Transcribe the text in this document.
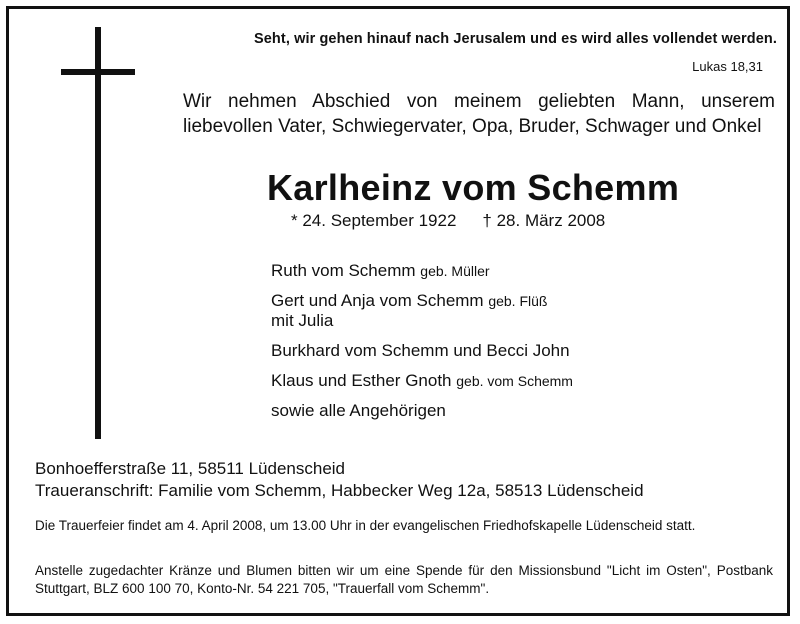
Seht, wir gehen hinauf nach Jerusalem und es wird alles vollendet werden.
Lukas 18,31
Wir nehmen Abschied von meinem geliebten Mann, unserem liebevollen Vater, Schwiegervater, Opa, Bruder, Schwager und Onkel
Karlheinz vom Schemm
* 24. September 1922 † 28. März 2008
Ruth vom Schemm geb. Müller
Gert und Anja vom Schemm geb. Flüß
mit Julia
Burkhard vom Schemm und Becci John
Klaus und Esther Gnoth geb. vom Schemm
sowie alle Angehörigen
Bonhoefferstraße 11, 58511 Lüdenscheid
Traueranschrift: Familie vom Schemm, Habbecker Weg 12a, 58513 Lüdenscheid
Die Trauerfeier findet am 4. April 2008, um 13.00 Uhr in der evangelischen Friedhofskapelle Lüdenscheid statt.
Anstelle zugedachter Kränze und Blumen bitten wir um eine Spende für den Missionsbund "Licht im Osten", Postbank Stuttgart, BLZ 600 100 70, Konto-Nr. 54 221 705, "Trauerfall vom Schemm".
